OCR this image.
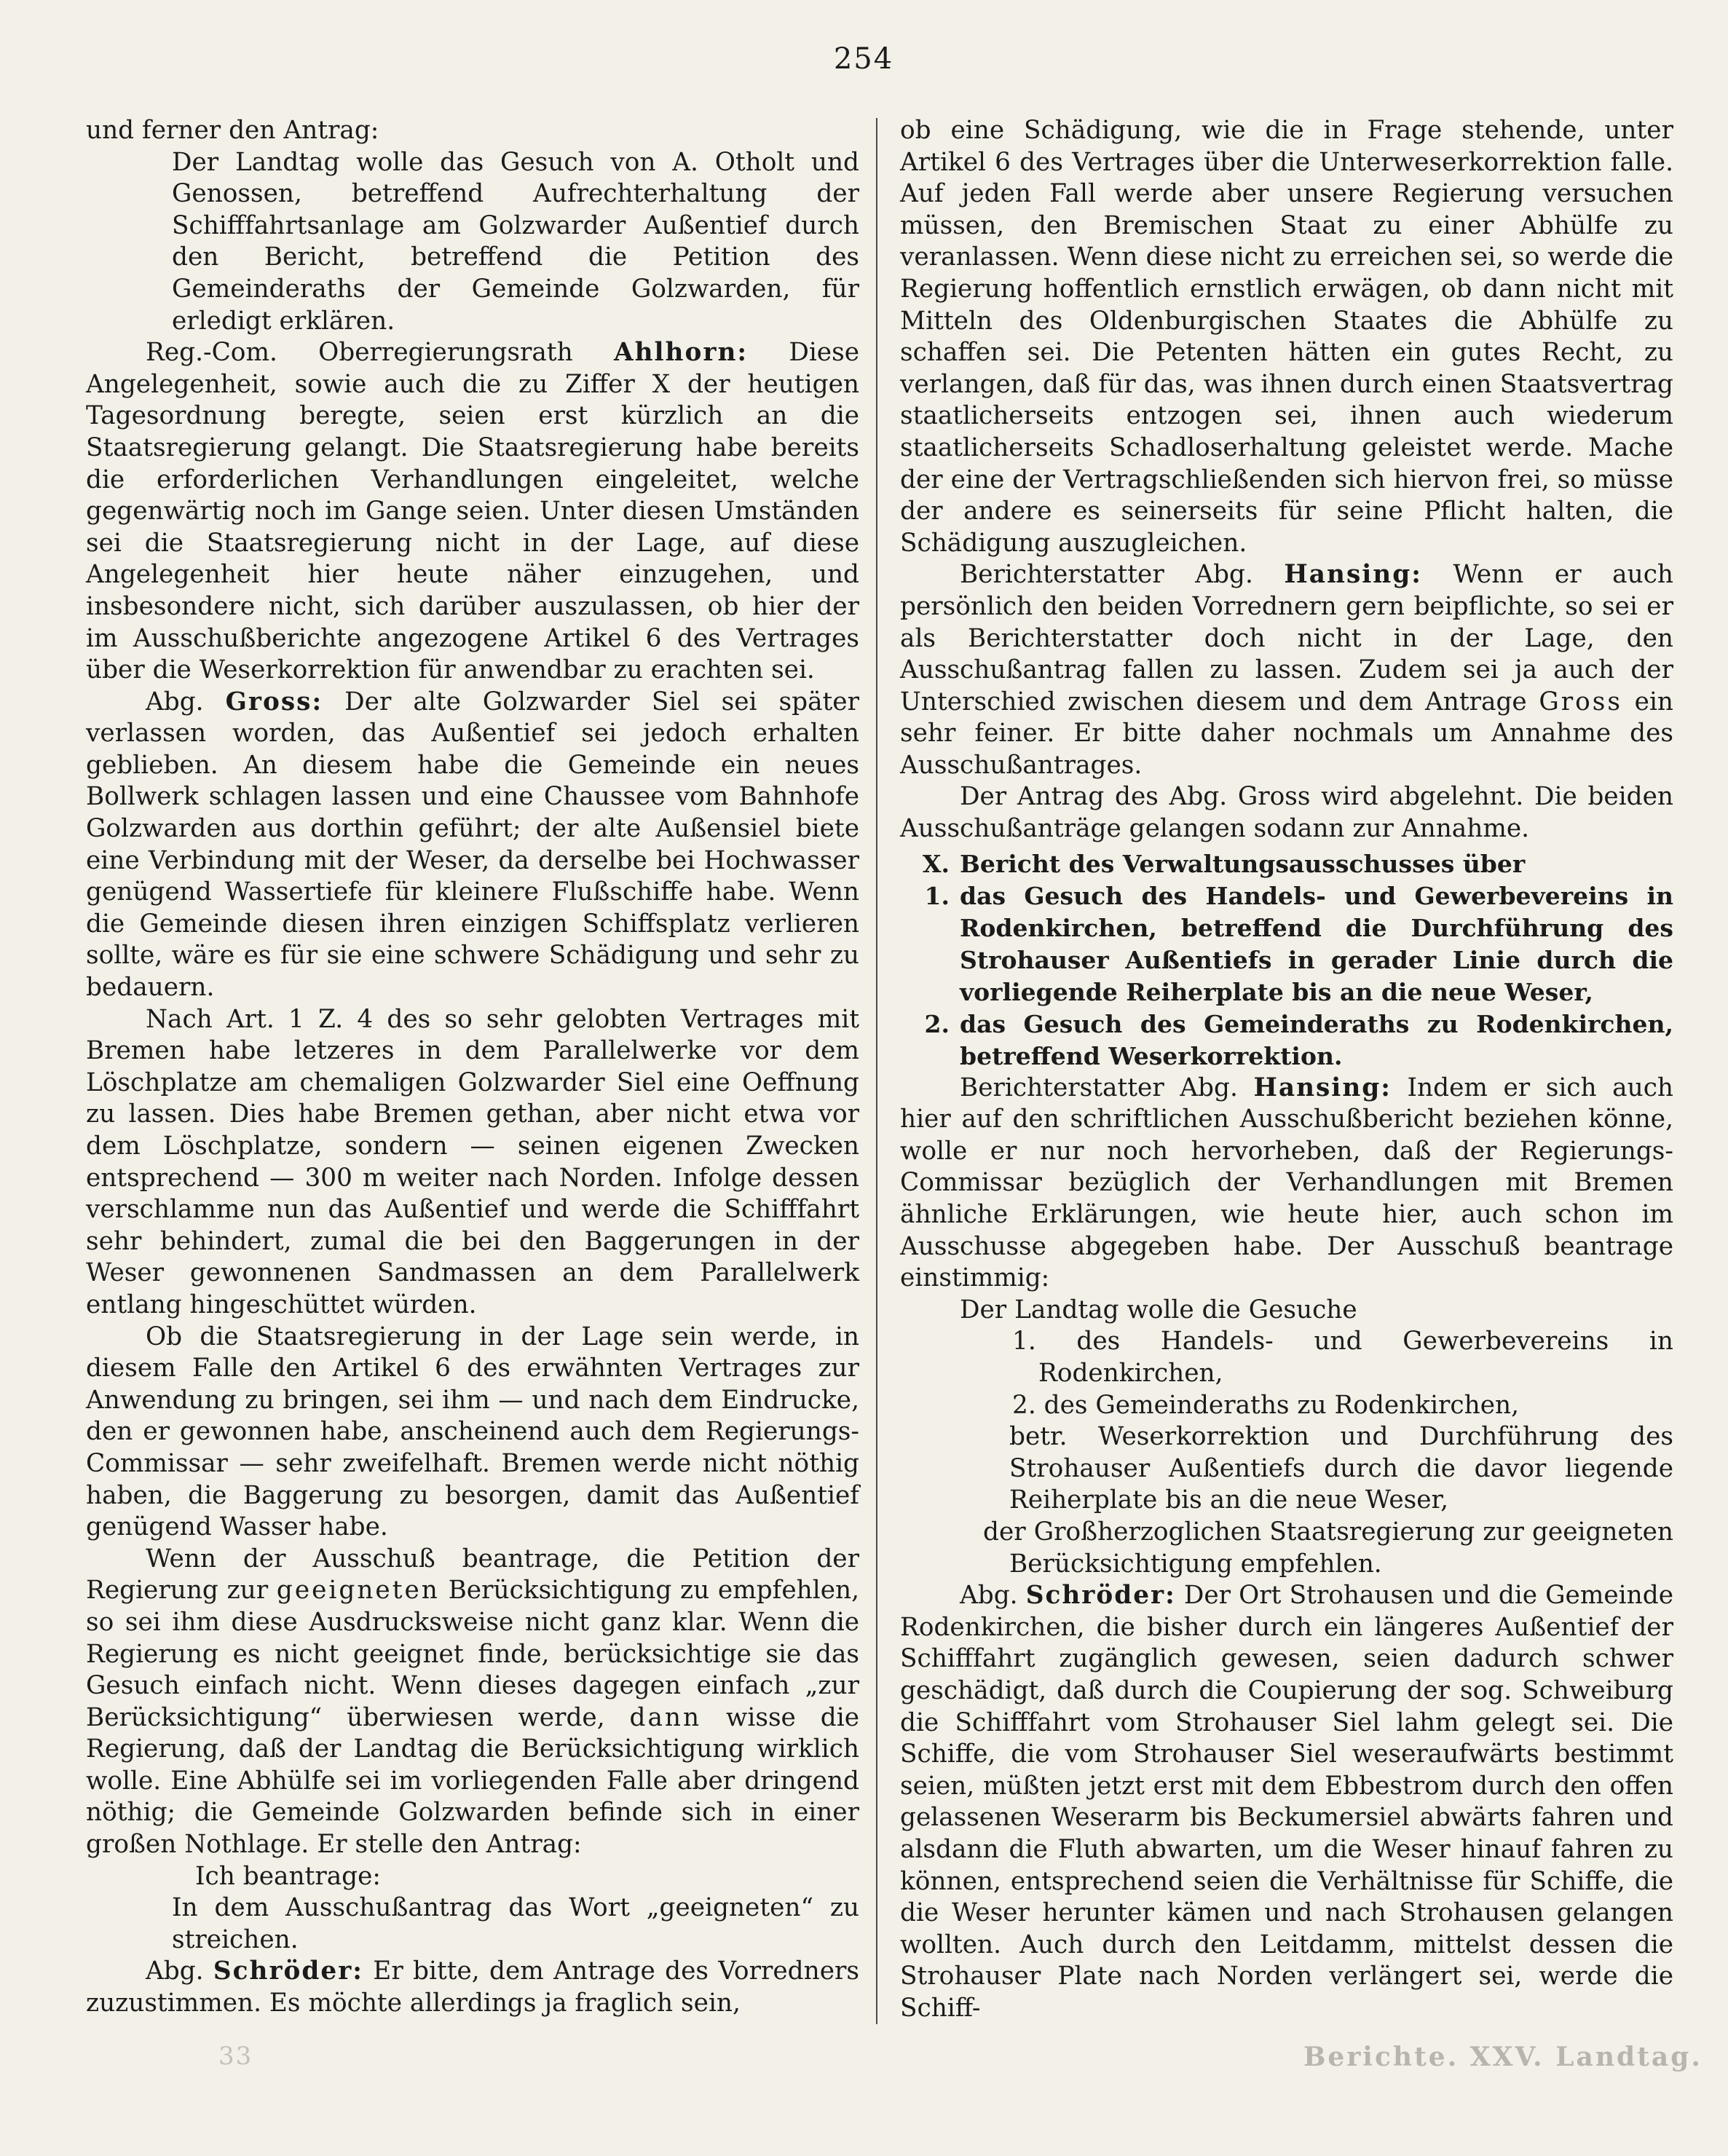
254

und ferner den Antrag:

Der Landtag wolle das Gesuch von A. Otholt und Genossen, betreffend Aufrechterhaltung der Schifffahrtsanlage am Golzwarder Außentief durch den Bericht, betreffend die Petition des Gemeinderaths der Gemeinde Golzwarden, für erledigt erklären.

Reg.-Com. Oberregierungsrath Ahlhorn: Diese Angelegenheit, sowie auch die zu Ziffer X der heutigen Tagesordnung beregte, seien erst kürzlich an die Staatsregierung gelangt. Die Staatsregierung habe bereits die erforderlichen Verhandlungen eingeleitet, welche gegenwärtig noch im Gange seien. Unter diesen Umständen sei die Staatsregierung nicht in der Lage, auf diese Angelegenheit hier heute näher einzugehen, und insbesondere nicht, sich darüber auszulassen, ob hier der im Ausschußberichte angezogene Artikel 6 des Vertrages über die Weserkorrektion für anwendbar zu erachten sei.

Abg. Gross: Der alte Golzwarder Siel sei später verlassen worden, das Außentief sei jedoch erhalten geblieben. An diesem habe die Gemeinde ein neues Bollwerk schlagen lassen und eine Chaussee vom Bahnhofe Golzwarden aus dorthin geführt; der alte Außensiel biete eine Verbindung mit der Weser, da derselbe bei Hochwasser genügend Wassertiefe für kleinere Flußschiffe habe. Wenn die Gemeinde diesen ihren einzigen Schiffsplatz verlieren sollte, wäre es für sie eine schwere Schädigung und sehr zu bedauern.

Nach Art. 1 Z. 4 des so sehr gelobten Vertrages mit Bremen habe letzeres in dem Parallelwerke vor dem Löschplatze am chemaligen Golzwarder Siel eine Oeffnung zu lassen. Dies habe Bremen gethan, aber nicht etwa vor dem Löschplatze, sondern — seinen eigenen Zwecken entsprechend — 300 m weiter nach Norden. Infolge dessen verschlamme nun das Außentief und werde die Schifffahrt sehr behindert, zumal die bei den Baggerungen in der Weser gewonnenen Sandmassen an dem Parallelwerk entlang hingeschüttet würden.

Ob die Staatsregierung in der Lage sein werde, in diesem Falle den Artikel 6 des erwähnten Vertrages zur Anwendung zu bringen, sei ihm — und nach dem Eindrucke, den er gewonnen habe, anscheinend auch dem Regierungs-Commissar — sehr zweifelhaft. Bremen werde nicht nöthig haben, die Baggerung zu besorgen, damit das Außentief genügend Wasser habe.

Wenn der Ausschuß beantrage, die Petition der Regierung zur geeigneten Berücksichtigung zu empfehlen, so sei ihm diese Ausdrucksweise nicht ganz klar. Wenn die Regierung es nicht geeignet finde, berücksichtige sie das Gesuch einfach nicht. Wenn dieses dagegen einfach „zur Berücksichtigung“ überwiesen werde, dann wisse die Regierung, daß der Landtag die Berücksichtigung wirklich wolle. Eine Abhülfe sei im vorliegenden Falle aber dringend nöthig; die Gemeinde Golzwarden befinde sich in einer großen Nothlage. Er stelle den Antrag:

Ich beantrage:

In dem Ausschußantrag das Wort „geeigneten“ zu streichen.

Abg. Schröder: Er bitte, dem Antrage des Vorredners zuzustimmen. Es möchte allerdings ja fraglich sein,

ob eine Schädigung, wie die in Frage stehende, unter Artikel 6 des Vertrages über die Unterweserkorrektion falle. Auf jeden Fall werde aber unsere Regierung versuchen müssen, den Bremischen Staat zu einer Abhülfe zu veranlassen. Wenn diese nicht zu erreichen sei, so werde die Regierung hoffentlich ernstlich erwägen, ob dann nicht mit Mitteln des Oldenburgischen Staates die Abhülfe zu schaffen sei. Die Petenten hätten ein gutes Recht, zu verlangen, daß für das, was ihnen durch einen Staatsvertrag staatlicherseits entzogen sei, ihnen auch wiederum staatlicherseits Schadloserhaltung geleistet werde. Mache der eine der Vertragschließenden sich hiervon frei, so müsse der andere es seinerseits für seine Pflicht halten, die Schädigung auszugleichen.

Berichterstatter Abg. Hansing: Wenn er auch persönlich den beiden Vorrednern gern beipflichte, so sei er als Berichterstatter doch nicht in der Lage, den Ausschußantrag fallen zu lassen. Zudem sei ja auch der Unterschied zwischen diesem und dem Antrage Gross ein sehr feiner. Er bitte daher nochmals um Annahme des Ausschußantrages.

Der Antrag des Abg. Gross wird abgelehnt. Die beiden Ausschußanträge gelangen sodann zur Annahme.

X. Bericht des Verwaltungsausschusses über
1. das Gesuch des Handels- und Gewerbevereins in Rodenkirchen, betreffend die Durchführung des Strohauser Außentiefs in gerader Linie durch die vorliegende Reiherplate bis an die neue Weser,
2. das Gesuch des Gemeinderaths zu Rodenkirchen, betreffend Weserkorrektion.

Berichterstatter Abg. Hansing: Indem er sich auch hier auf den schriftlichen Ausschußbericht beziehen könne, wolle er nur noch hervorheben, daß der Regierungs-Commissar bezüglich der Verhandlungen mit Bremen ähnliche Erklärungen, wie heute hier, auch schon im Ausschusse abgegeben habe. Der Ausschuß beantrage einstimmig:

Der Landtag wolle die Gesuche

1. des Handels- und Gewerbevereins in Rodenkirchen,

2. des Gemeinderaths zu Rodenkirchen,

betr. Weserkorrektion und Durchführung des Strohauser Außentiefs durch die davor liegende Reiherplate bis an die neue Weser,

der Großherzoglichen Staatsregierung zur geeigneten Berücksichtigung empfehlen.

Abg. Schröder: Der Ort Strohausen und die Gemeinde Rodenkirchen, die bisher durch ein längeres Außentief der Schifffahrt zugänglich gewesen, seien dadurch schwer geschädigt, daß durch die Coupierung der sog. Schweiburg die Schifffahrt vom Strohauser Siel lahm gelegt sei. Die Schiffe, die vom Strohauser Siel weseraufwärts bestimmt seien, müßten jetzt erst mit dem Ebbestrom durch den offen gelassenen Weserarm bis Beckumersiel abwärts fahren und alsdann die Fluth abwarten, um die Weser hinauf fahren zu können, entsprechend seien die Verhältnisse für Schiffe, die die Weser herunter kämen und nach Strohausen gelangen wollten. Auch durch den Leitdamm, mittelst dessen die Strohauser Plate nach Norden verlängert sei, werde die Schiff-

33	Berichte. XXV. Landtag.
